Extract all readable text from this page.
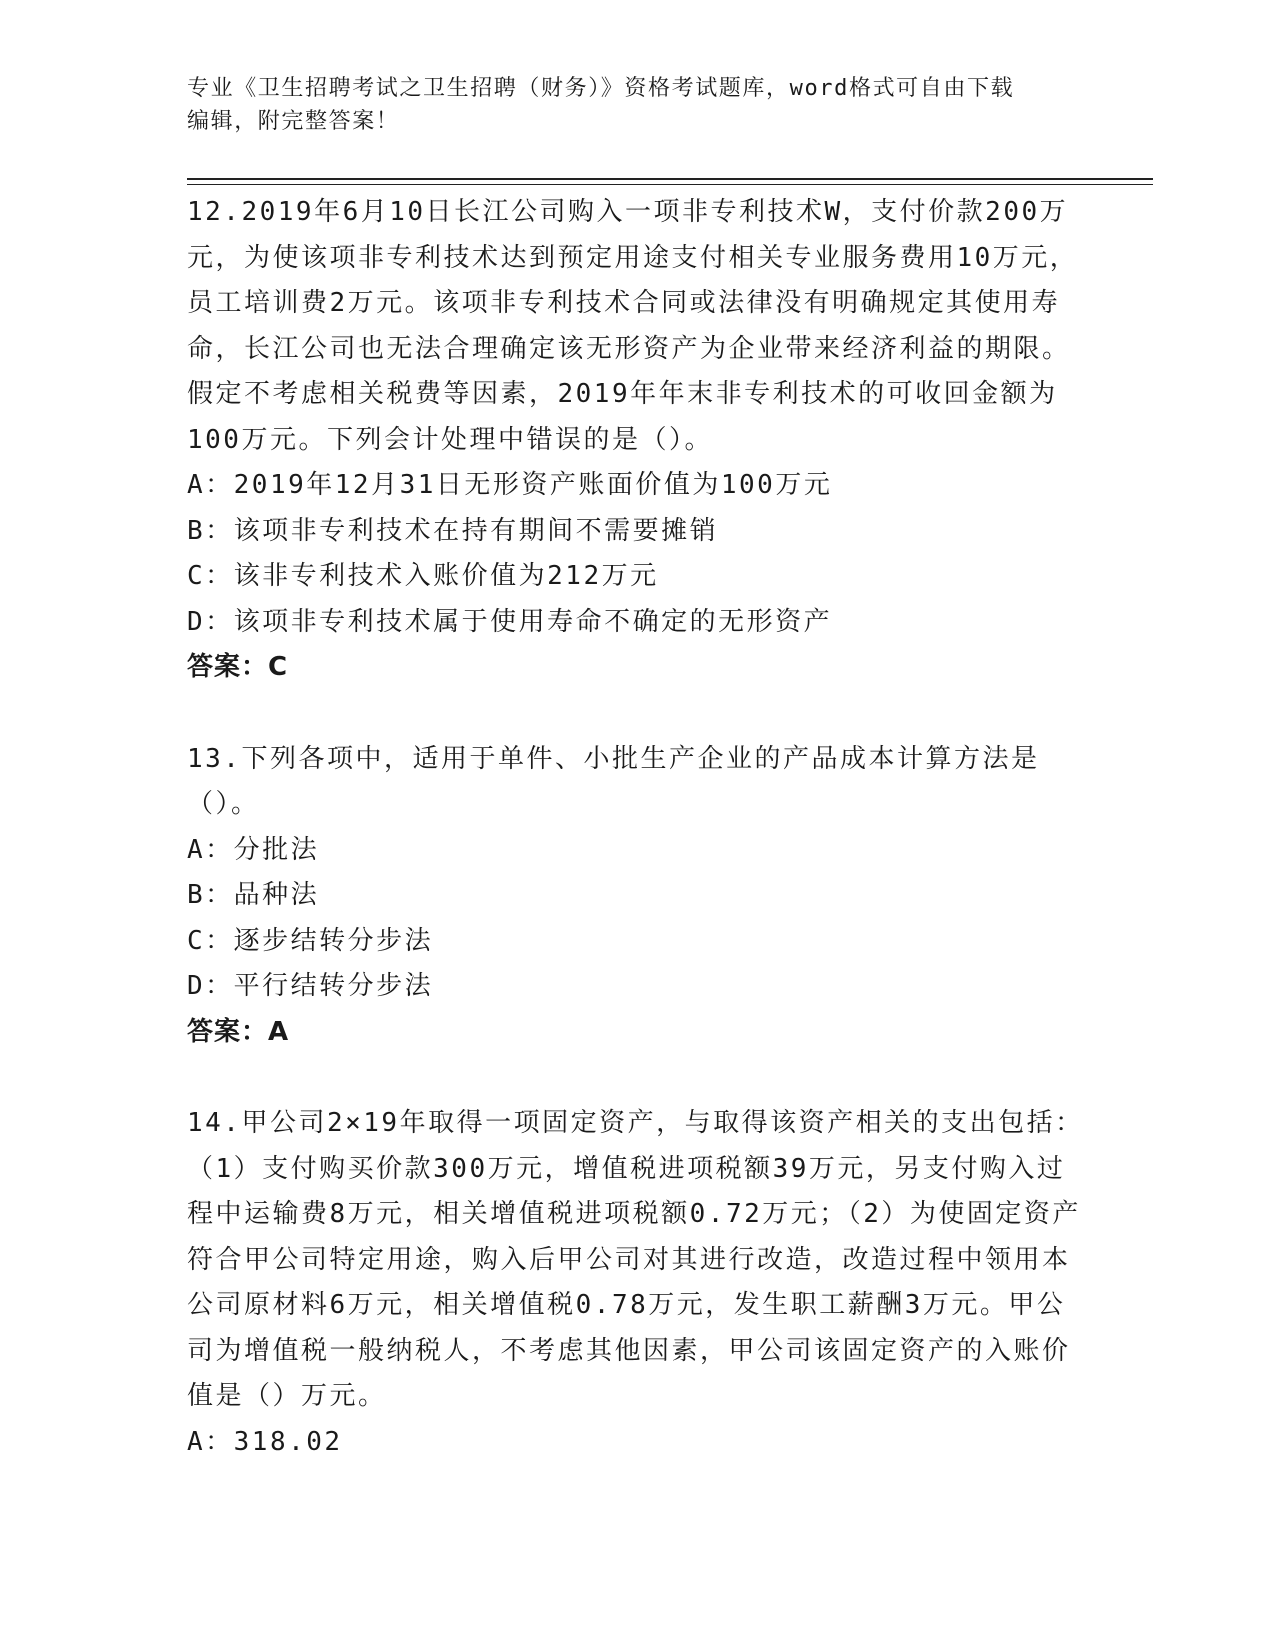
专业《卫生招聘考试之卫生招聘（财务）》资格考试题库，word格式可自由下载
编辑，附完整答案！
12.2019年6月10日长江公司购入一项非专利技术W，支付价款200万元，为使该项非专利技术达到预定用途支付相关专业服务费用10万元，员工培训费2万元。该项非专利技术合同或法律没有明确规定其使用寿命，长江公司也无法合理确定该无形资产为企业带来经济利益的期限。假定不考虑相关税费等因素，2019年年末非专利技术的可收回金额为100万元。下列会计处理中错误的是（）。
A：2019年12月31日无形资产账面价值为100万元
B：该项非专利技术在持有期间不需要摊销
C：该非专利技术入账价值为212万元
D：该项非专利技术属于使用寿命不确定的无形资产
答案：C
13.下列各项中，适用于单件、小批生产企业的产品成本计算方法是（）。
A：分批法
B：品种法
C：逐步结转分步法
D：平行结转分步法
答案：A
14.甲公司2×19年取得一项固定资产，与取得该资产相关的支出包括：（1）支付购买价款300万元，增值税进项税额39万元，另支付购入过程中运输费8万元，相关增值税进项税额0.72万元；（2）为使固定资产符合甲公司特定用途，购入后甲公司对其进行改造，改造过程中领用本公司原材料6万元，相关增值税0.78万元，发生职工薪酬3万元。甲公司为增值税一般纳税人，不考虑其他因素，甲公司该固定资产的入账价值是（）万元。
A：318.02
